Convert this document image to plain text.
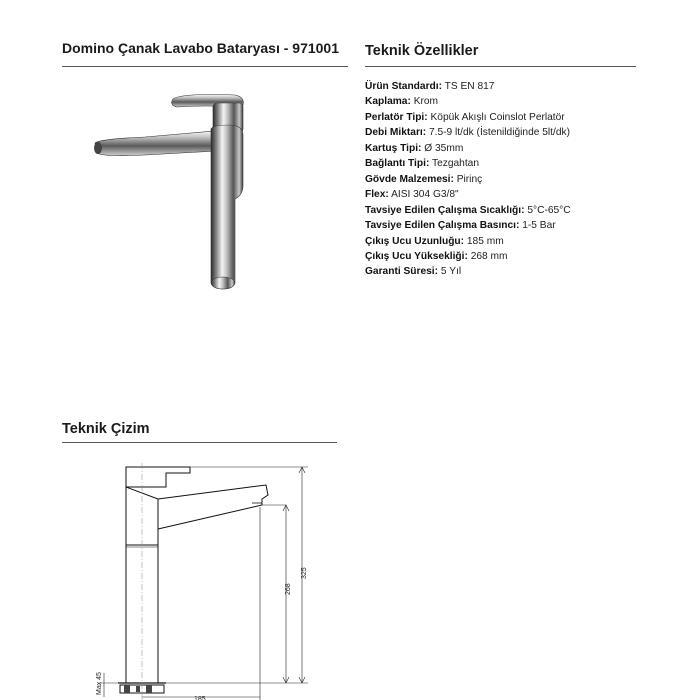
Domino Çanak Lavabo Bataryası - 971001 Teknik Özellikler
Ürün Standardı: TS EN 817
Kaplama: Krom
Perlatör Tipi: Köpük Akışlı Coinslot Perlatör
Debi Miktarı: 7.5-9 lt/dk (İstenildiğinde 5lt/dk)
Kartuş Tipi: Ø 35mm
Bağlantı Tipi: Tezgahtan
Gövde Malzemesi: Pirinç
Flex: AISI 304 G3/8"
Tavsiye Edilen Çalışma Sıcaklığı: 5°C-65°C
Tavsiye Edilen Çalışma Basıncı: 1-5 Bar
Çıkış Ucu Uzunluğu: 185 mm
Çıkış Ucu Yüksekliği: 268 mm
Garanti Süresi: 5 Yıl
Teknik Çizim
325
268
185
Max 45
